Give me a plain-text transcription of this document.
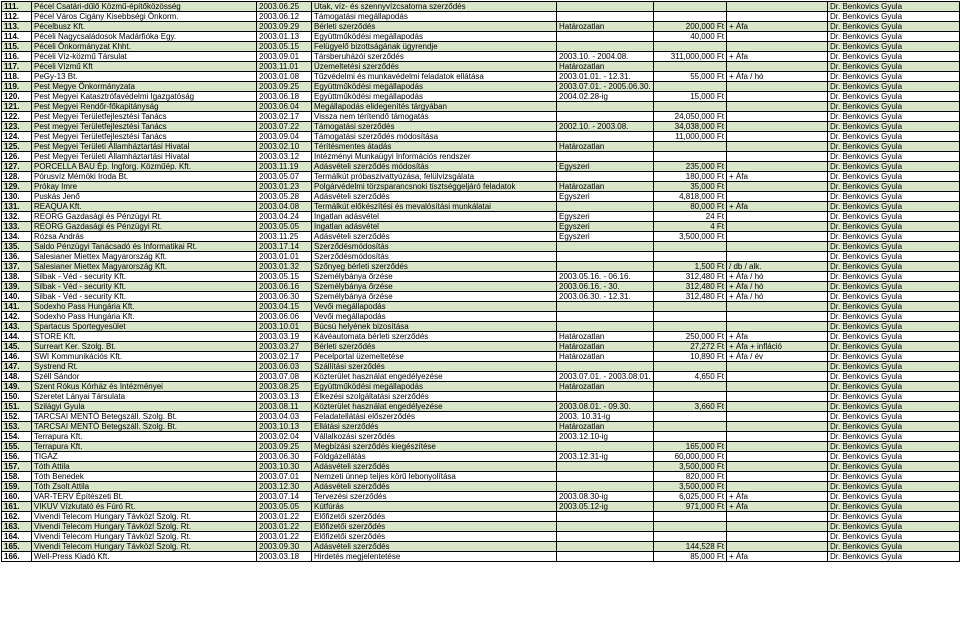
111.	Pécel Csatári-dűlő Közmű-építőközösség	2003.06.25	Utak, víz- és szennyvízcsatorna szerződés				Dr. Benkovics Gyula
112.	Pécel Város Cigány Kisebbségi Önkorm.	2003.06.12	Támogatási megállapodás				Dr. Benkovics Gyula
113.	Pécelbusz Kft.	2003.09.29	Bérleti szerződés	Határozatlan	200,000 Ft	+ Áfa	Dr. Benkovics Gyula
114.	Péceli Nagycsaládosok Madárfióka Egy.	2003.01.13	Együttműködési megállapodás		40,000 Ft		Dr. Benkovics Gyula
115.	Péceli Önkormányzat Khht.	2003.05.15	Felügyelő bizottságának ügyrendje				Dr. Benkovics Gyula
116.	Péceli Víz-közmű Társulat	2003.09.01	Társberuházói szerződés	2003.10. - 2004.08.	311,000,000 Ft	+ Áfa	Dr. Benkovics Gyula
117.	Péceli Vízmű Kft	2003.11.01	Üzemeltetési szerződés	Határozatlan			Dr. Benkovics Gyula
118.	PeGy-13 Bt.	2003.01.08	Tűzvédelmi és munkavédelmi feladatok ellátása	2003.01.01. - 12.31.	55,000 Ft	+ Áfa / hó	Dr. Benkovics Gyula
119.	Pest Megye Önkormányzata	2003.09.25	Együttműködési megállapodás	2003.07.01. - 2005.06.30.			Dr. Benkovics Gyula
120.	Pest Megyei Katasztrófavédelmi Igazgatóság	2003.06.18	Együttműködési megállapodás	2004.02.28-ig	15,000 Ft		Dr. Benkovics Gyula
121.	Pest Megyei Rendőr-főkapitányság	2003.06.04	Megállapodás elidegenítés tárgyában				Dr. Benkovics Gyula
122.	Pest Megyei Területfejlesztési Tanács	2003.02.17	Vissza nem térítendő támogatás		24,050,000 Ft		Dr. Benkovics Gyula
123.	Pest megyei Területfejlesztési Tanács	2003.07.22	Támogatási szerződés	2002.10. - 2003.08.	34,038,000 Ft		Dr. Benkovics Gyula
124.	Pest Megyei Területfejlesztési Tanács	2003.09.04	Támogatási szerződés módosítása		11,000,000 Ft		Dr. Benkovics Gyula
125.	Pest Megyei Területi Államháztartási Hivatal	2003.02.10	Térítésmentes átadás	Határozatlan			Dr. Benkovics Gyula
126.	Pest Megyei Területi Államháztartási Hivatal	2003.03.12	Intézményi Munkaügyi Információs rendszer				Dr. Benkovics Gyula
127.	PORCELLA BAU Ép. Ingforg. Közműép. Kft.	2003.11.19	Adásvételi szerződés módosítás	Egyszeri	235,000 Ft		Dr. Benkovics Gyula
128.	Pórusvíz Mérnöki Iroda Bt.	2003.05.07	Termálkút próbaszivattyúzása, felülvizsgálata		180,000 Ft	+ Áfa	Dr. Benkovics Gyula
129.	Prókay Imre	2003.01.23	Polgárvédelmi törzsparancsnoki tisztséggeljáró feladatok	Határozatlan	35,000 Ft		Dr. Benkovics Gyula
130.	Puskás Jenő	2003.05.28	Adásvételi szerződés	Egyszeri	4,818,000 Ft		Dr. Benkovics Gyula
131.	REAQUA Kft.	2003.04.08	Termálkút előkészítési és mevalósítási munkálatai		80,000 Ft	+ Áfa	Dr. Benkovics Gyula
132.	REORG Gazdasági és Pénzügyi Rt.	2003.04.24	Ingatlan adásvétel	Egyszeri	24 Ft		Dr. Benkovics Gyula
133.	REORG Gazdasági és Pénzügyi Rt.	2003.05.05	Ingatlan adásvétel	Egyszeri	4 Ft		Dr. Benkovics Gyula
134.	Rózsa András	2003.11.25	Adásvételi szerződés	Egyszeri	3,500,000 Ft		Dr. Benkovics Gyula
135.	Saldo Pénzügyi Tanácsadó és Informatikai Rt.	2003.17.14	Szerződésmódosítás				Dr. Benkovics Gyula
136.	Salesianer Miettex Magyarország Kft.	2003.01.01	Szerződésmódosítás				Dr. Benkovics Gyula
137.	Salesianer Miettex Magyarország Kft.	2003.01.32	Szőnyeg bérleti szerződés		1,500 Ft	/ db / alk.	Dr. Benkovics Gyula
138.	Silbak - Véd - security Kft.	2003.05.15	Személybánya őrzése	2003.05.16. - 06.16.	312,480 Ft	+ Áfa / hó	Dr. Benkovics Gyula
139.	Silbak - Véd - security Kft.	2003.06.16	Személybánya őrzése	2003.06.16. - 30.	312,480 Ft	+ Áfa / hó	Dr. Benkovics Gyula
140.	Silbak - Véd - security Kft.	2003.06.30	Személybánya őrzése	2003.06.30. - 12.31.	312,480 Ft	+ Áfa / hó	Dr. Benkovics Gyula
141.	Sodexho Pass Hungária Kft.	2003.04.15	Vevői megállapodás				Dr. Benkovics Gyula
142.	Sodexho Pass Hungária Kft.	2003.06.06	Vevői megállapodás				Dr. Benkovics Gyula
143.	Spartacus Sportegyesület	2003.10.01	Búcsú helyének bizosítása				Dr. Benkovics Gyula
144.	STORE Kft.	2003.03.19	Kávéautomata bérleti szerződés	Határozatlan	250,000 Ft	+ Áfa	Dr. Benkovics Gyula
145.	Surreart Ker. Szolg. Bt.	2003.03.27	Bérleti szerződés	Határozatlan	27,272 Ft	+ Áfa + infláció	Dr. Benkovics Gyula
146.	SWI Kommunikációs Kft.	2003.02.17	Pecelportal üzemeltetése	Határozatlan	10,890 Ft	+ Áfa / év	Dr. Benkovics Gyula
147.	Systrend Rt.	2003.06.03	Szállítási szerződés				Dr. Benkovics Gyula
148.	Széll Sándor	2003.07.08	Közterület használat engedélyezése	2003.07.01. - 2003.08.01.	4,650 Ft		Dr. Benkovics Gyula
149.	Szent Rókus Kórház és Intézményei	2003.08.25	Együttműködési megállapodás	Határozatlan			Dr. Benkovics Gyula
150.	Szeretet Lányai Társulata	2003.03.13	Élkezési szolgáltatási szerződés				Dr. Benkovics Gyula
151.	Szilágyi Gyula	2003.08.11	Közterület használat engedélyezése	2003.08.01. - 09.30.	3,660 Ft		Dr. Benkovics Gyula
152.	TARCSAI MENTŐ Betegszáll. Szolg. Bt.	2003.04.03	Feladatellátási előszerződés	2003. 10.31-ig			Dr. Benkovics Gyula
153.	TARCSAI MENTŐ Betegszáll. Szolg. Bt.	2003.10.13	Ellátási szerződés	Határozatlan			Dr. Benkovics Gyula
154.	Terrapura Kft.	2003.02.04	Vállalkozási szerződés	2003.12.10-ig			Dr. Benkovics Gyula
155.	Terrapura Kft.	2003.09.25	Megbízási szerződés kiegészítése		165,000 Ft		Dr. Benkovics Gyula
156.	TIGÁZ	2003.06.30	Földgázellátás	2003.12.31-ig	60,000,000 Ft		Dr. Benkovics Gyula
157.	Tóth Attila	2003.10.30	Adásvételi szerződés		3,500,000 Ft		Dr. Benkovics Gyula
158.	Tóth Benedek	2003.07.01	Nemzeti ünnep teljes körű lebonyolítása		820,000 Ft		Dr. Benkovics Gyula
159.	Tóth Zsolt Attila	2003.12.30	Adásvételi szerződés		3,500,000 Ft		Dr. Benkovics Gyula
160.	VAR-TERV Építészeti Bt.	2003.07.14	Tervezési szerződés	2003.08.30-ig	6,025,000 Ft	+ Áfa	Dr. Benkovics Gyula
161.	VIKUV Vízkutató és Fúró Rt.	2003.05.05	Kútfúrás	2003.05.12-ig	971,000 Ft	+ Áfa	Dr. Benkovics Gyula
162.	Vivendi Telecom Hungary Távközl Szolg. Rt.	2003.01.22	Előfizetői szerződés				Dr. Benkovics Gyula
163.	Vivendi Telecom Hungary Távközl Szolg. Rt.	2003.01.22	Előfizetői szerződés				Dr. Benkovics Gyula
164.	Vivendi Telecom Hungary Távközl Szolg. Rt.	2003.01.22	Előfizetői szerződés				Dr. Benkovics Gyula
165.	Vivendi Telecom Hungary Távközl Szolg. Rt.	2003.09.30	Adásvételi szerződés		144,528 Ft		Dr. Benkovics Gyula
166.	Well-Press Kiadó Kft.	2003.03.18	Hirdetés megjelentetése		85,000 Ft	+ Áfa	Dr. Benkovics Gyula
